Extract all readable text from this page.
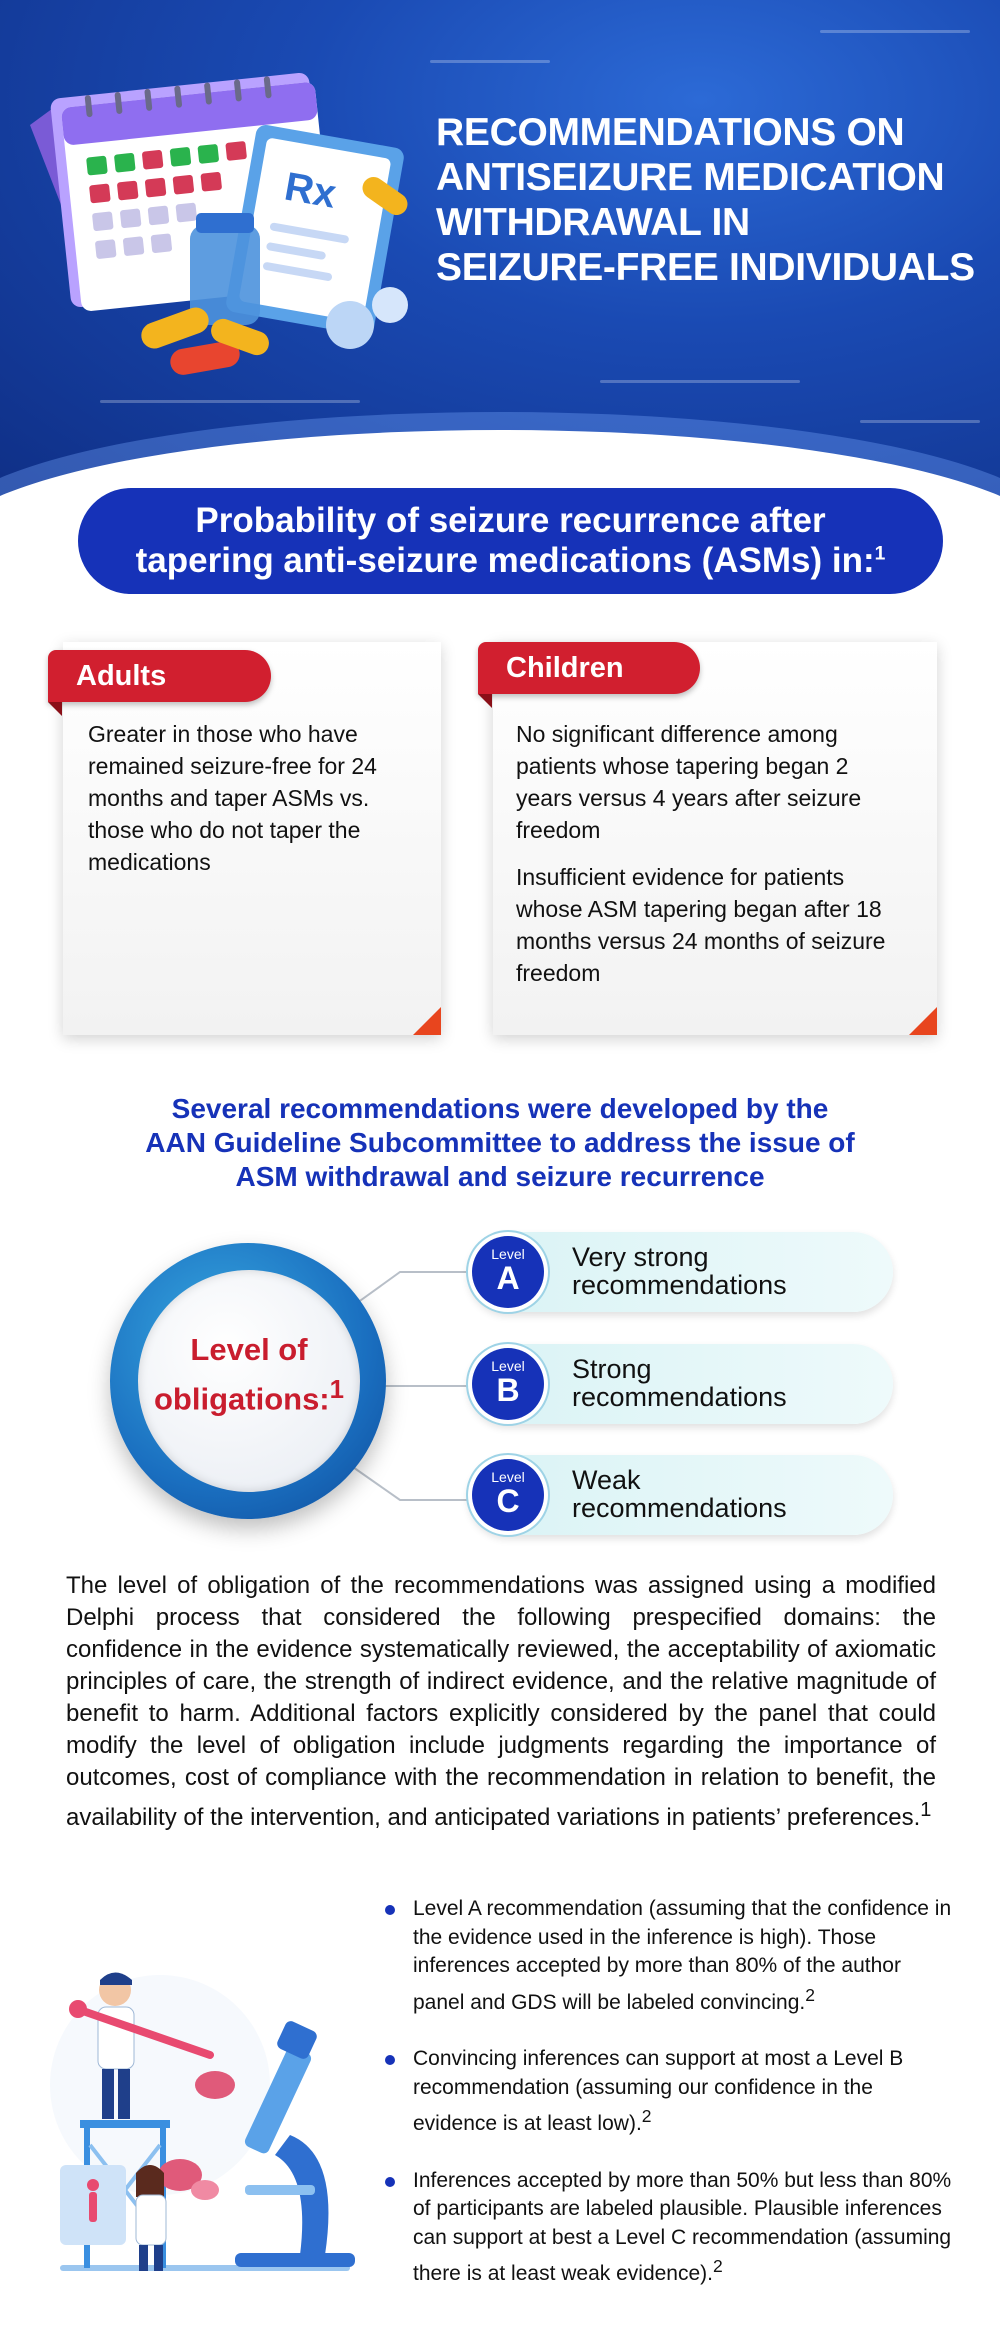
Rx
RECOMMENDATIONS ON
ANTISEIZURE MEDICATION
WITHDRAWAL IN
SEIZURE-FREE INDIVIDUALS
Probability of seizure recurrence after
tapering anti-seizure medications (ASMs) in:$^1$
Adults
Greater in those who have
remained seizure-free for 24
months and taper ASMs vs.
those who do not taper the
medications
Children
No significant difference among
patients whose tapering began 2
years versus 4 years after seizure
freedom
Insufficient evidence for patients
whose ASM tapering began after 18
months versus 24 months of seizure
freedom
Several recommendations were developed by the
AAN Guideline Subcommittee to address the issue of
ASM withdrawal and seizure recurrence
Level of
obligations:$^1$
Level
A
Very strong
recommendations
Level
B
Strong
recommendations
Level
C
Weak
recommendations
The level of obligation of the recommendations was assigned using a modified Delphi process that considered the following prespecified domains: the confidence in the evidence systematically reviewed, the acceptability of axiomatic principles of care, the strength of indirect evidence, and the relative magnitude of benefit to harm. Additional factors explicitly considered by the panel that could modify the level of obligation include judgments regarding the importance of outcomes, cost of compliance with the recommendation in relation to benefit, the availability of the intervention, and anticipated variations in patients’ preferences.$^1$
Level A recommendation (assuming that the confidence in the evidence used in the inference is high). Those inferences accepted by more than 80% of the author panel and GDS will be labeled convincing.$^2$
Convincing inferences can support at most a Level B recommendation (assuming our confidence in the evidence is at least low).$^2$
Inferences accepted by more than 50% but less than 80% of participants are labeled plausible. Plausible inferences can support at best a Level C recommendation (assuming there is at least weak evidence).$^2$
